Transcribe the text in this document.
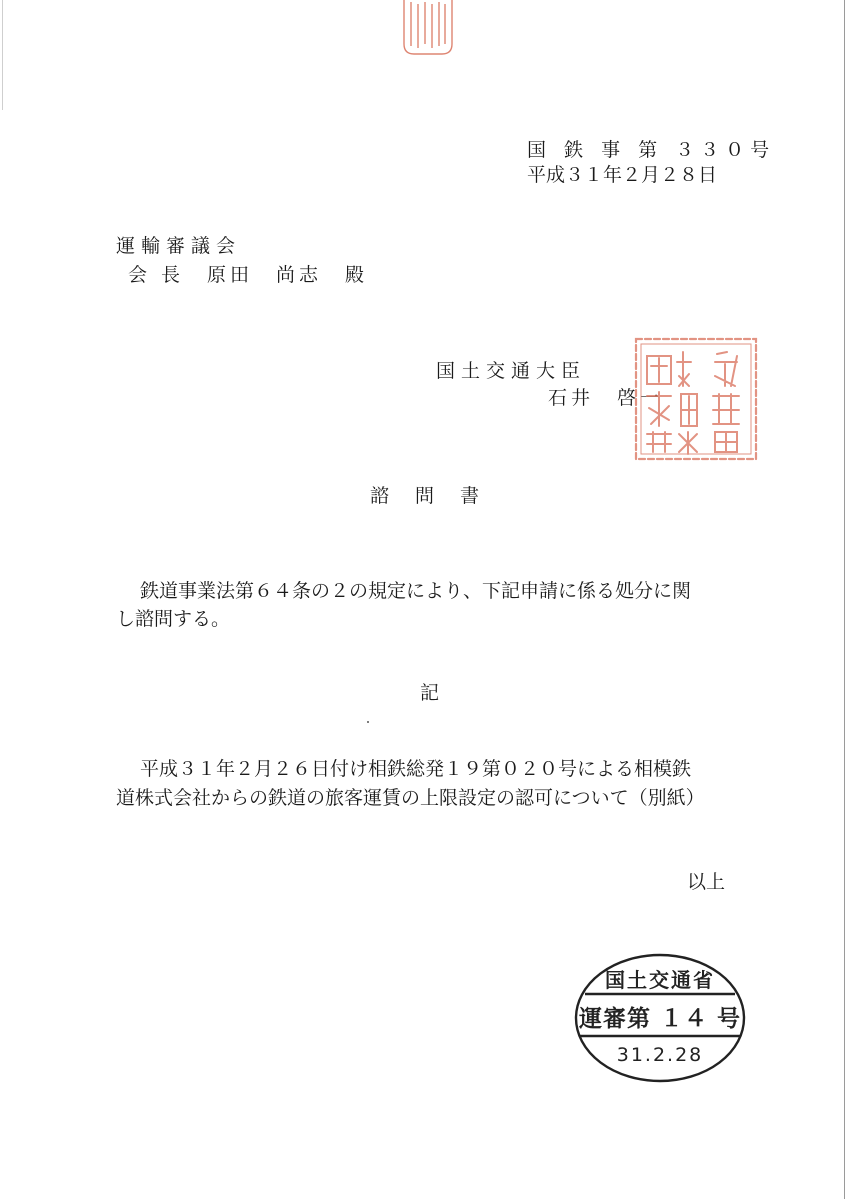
国 鉄 事 第 ３３０号
平成３１年２月２８日
運輸審議会
会 長　原田　尚志　殿
国土交通大臣
石井　啓一
諮問書
鉄道事業法第６４条の２の規定により、下記申請に係る処分に関
し諮問する。
記
平成３１年２月２６日付け相鉄総発１９第０２０号による相模鉄
道株式会社からの鉄道の旅客運賃の上限設定の認可について（別紙）
以上
国土交通省
運審第 １４ 号
31.2.28
